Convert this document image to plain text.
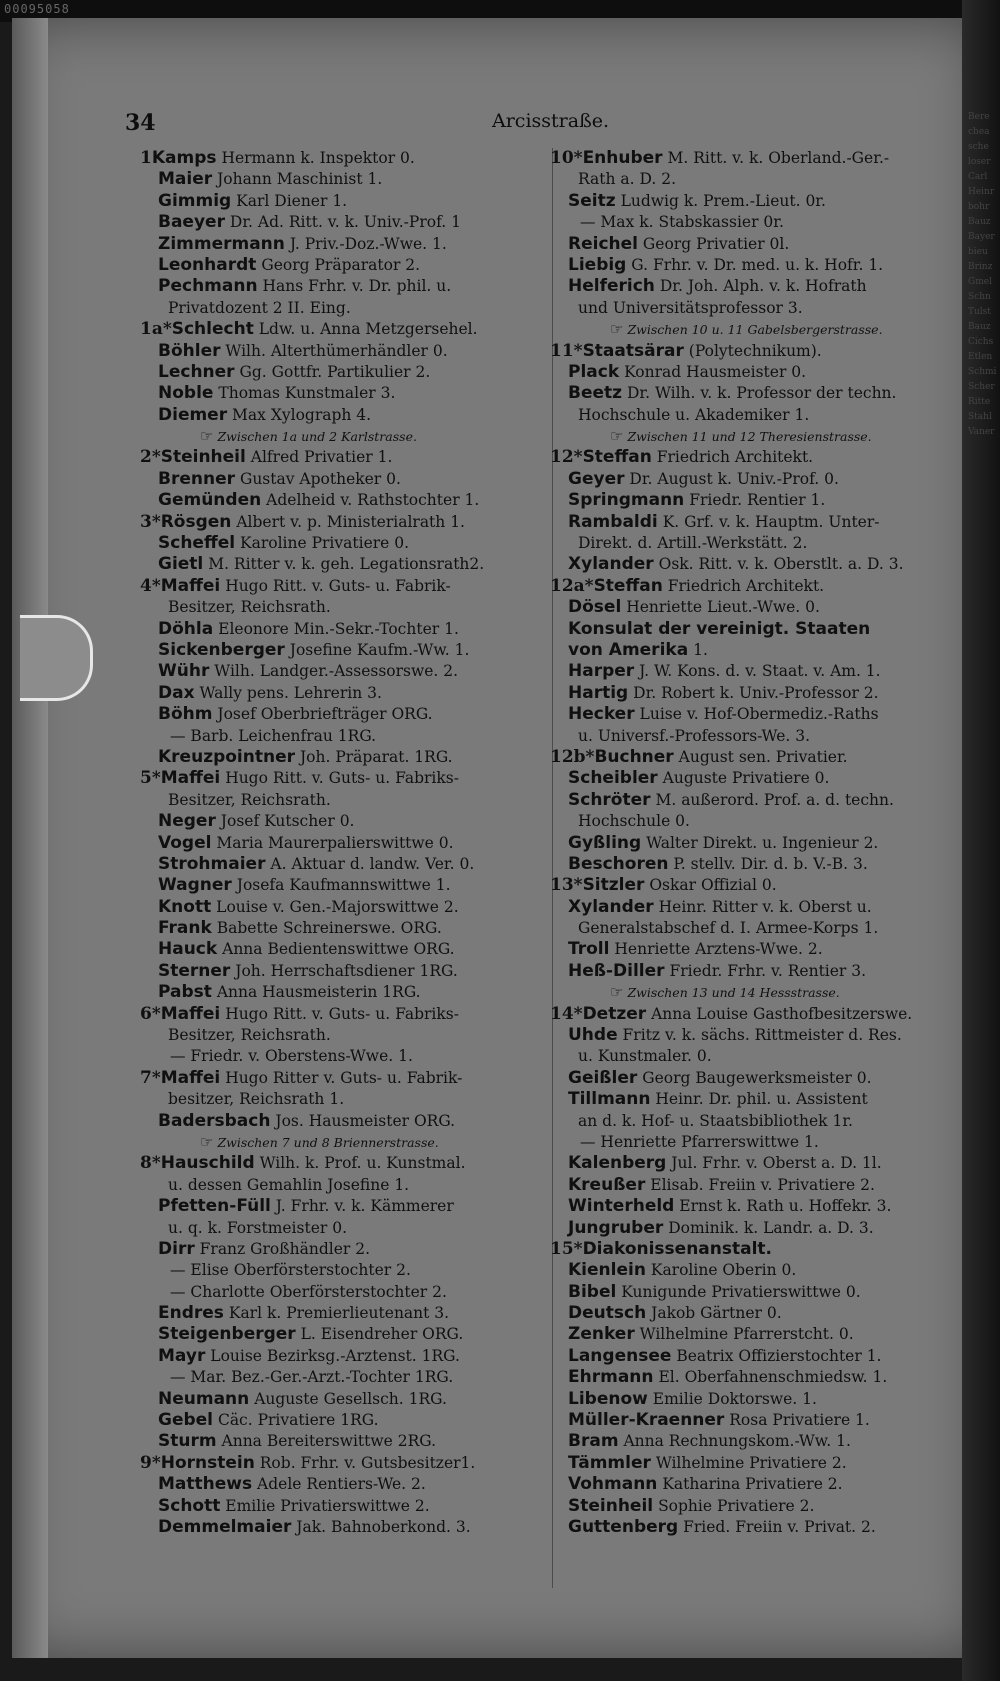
00095058
34	Arcisstraße.
1Kamps Hermann k. Inspektor 0.
Maier Johann Maschinist 1.
Gimmig Karl Diener 1.
Baeyer Dr. Ad. Ritt. v. k. Univ.-Prof. 1
Zimmermann J. Priv.-Doz.-Wwe. 1.
Leonhardt Georg Präparator 2.
Pechmann Hans Frhr. v. Dr. phil. u.
Privatdozent 2 II. Eing.
1a*Schlecht Ldw. u. Anna Metzgersehel.
Böhler Wilh. Alterthümerhändler 0.
Lechner Gg. Gottfr. Partikulier 2.
Noble Thomas Kunstmaler 3.
Diemer Max Xylograph 4.
☞ Zwischen 1a und 2 Karlstrasse.
2*Steinheil Alfred Privatier 1.
Brenner Gustav Apotheker 0.
Gemünden Adelheid v. Rathstochter 1.
3*Rösgen Albert v. p. Ministerialrath 1.
Scheffel Karoline Privatiere 0.
Gietl M. Ritter v. k. geh. Legationsrath2.
4*Maffei Hugo Ritt. v. Guts- u. Fabrik-
Besitzer, Reichsrath.
Döhla Eleonore Min.-Sekr.-Tochter 1.
Sickenberger Josefine Kaufm.-Ww. 1.
Wühr Wilh. Landger.-Assessorswe. 2.
Dax Wally pens. Lehrerin 3.
Böhm Josef Oberbriefträger ORG.
— Barb. Leichenfrau 1RG.
Kreuzpointner Joh. Präparat. 1RG.
5*Maffei Hugo Ritt. v. Guts- u. Fabriks-
Besitzer, Reichsrath.
Neger Josef Kutscher 0.
Vogel Maria Maurerpalierswittwe 0.
Strohmaier A. Aktuar d. landw. Ver. 0.
Wagner Josefa Kaufmannswittwe 1.
Knott Louise v. Gen.-Majorswittwe 2.
Frank Babette Schreinerswe. ORG.
Hauck Anna Bedientenswittwe ORG.
Sterner Joh. Herrschaftsdiener 1RG.
Pabst Anna Hausmeisterin 1RG.
6*Maffei Hugo Ritt. v. Guts- u. Fabriks-
Besitzer, Reichsrath.
— Friedr. v. Oberstens-Wwe. 1.
7*Maffei Hugo Ritter v. Guts- u. Fabrik-
besitzer, Reichsrath 1.
Badersbach Jos. Hausmeister ORG.
☞ Zwischen 7 und 8 Briennerstrasse.
8*Hauschild Wilh. k. Prof. u. Kunstmal.
u. dessen Gemahlin Josefine 1.
Pfetten-Füll J. Frhr. v. k. Kämmerer
u. q. k. Forstmeister 0.
Dirr Franz Großhändler 2.
— Elise Oberförsterstochter 2.
— Charlotte Oberförsterstochter 2.
Endres Karl k. Premierlieutenant 3.
Steigenberger L. Eisendreher ORG.
Mayr Louise Bezirksg.-Arztenst. 1RG.
— Mar. Bez.-Ger.-Arzt.-Tochter 1RG.
Neumann Auguste Gesellsch. 1RG.
Gebel Cäc. Privatiere 1RG.
Sturm Anna Bereiterswittwe 2RG.
9*Hornstein Rob. Frhr. v. Gutsbesitzer1.
Matthews Adele Rentiers-We. 2.
Schott Emilie Privatierswittwe 2.
Demmelmaier Jak. Bahnoberkond. 3.
10*Enhuber M. Ritt. v. k. Oberland.-Ger.-
Rath a. D. 2.
Seitz Ludwig k. Prem.-Lieut. 0r.
— Max k. Stabskassier 0r.
Reichel Georg Privatier 0l.
Liebig G. Frhr. v. Dr. med. u. k. Hofr. 1.
Helferich Dr. Joh. Alph. v. k. Hofrath
und Universitätsprofessor 3.
☞ Zwischen 10 u. 11 Gabelsbergerstrasse.
11*Staatsärar (Polytechnikum).
Plack Konrad Hausmeister 0.
Beetz Dr. Wilh. v. k. Professor der techn.
Hochschule u. Akademiker 1.
☞ Zwischen 11 und 12 Theresienstrasse.
12*Steffan Friedrich Architekt.
Geyer Dr. August k. Univ.-Prof. 0.
Springmann Friedr. Rentier 1.
Rambaldi K. Grf. v. k. Hauptm. Unter-
Direkt. d. Artill.-Werkstätt. 2.
Xylander Osk. Ritt. v. k. Oberstlt. a. D. 3.
12a*Steffan Friedrich Architekt.
Dösel Henriette Lieut.-Wwe. 0.
Konsulat der vereinigt. Staaten
von Amerika 1.
Harper J. W. Kons. d. v. Staat. v. Am. 1.
Hartig Dr. Robert k. Univ.-Professor 2.
Hecker Luise v. Hof-Obermediz.-Raths
u. Universf.-Professors-We. 3.
12b*Buchner August sen. Privatier.
Scheibler Auguste Privatiere 0.
Schröter M. außerord. Prof. a. d. techn.
Hochschule 0.
Gyßling Walter Direkt. u. Ingenieur 2.
Beschoren P. stellv. Dir. d. b. V.-B. 3.
13*Sitzler Oskar Offizial 0.
Xylander Heinr. Ritter v. k. Oberst u.
Generalstabschef d. I. Armee-Korps 1.
Troll Henriette Arztens-Wwe. 2.
Heß-Diller Friedr. Frhr. v. Rentier 3.
☞ Zwischen 13 und 14 Hessstrasse.
14*Detzer Anna Louise Gasthofbesitzerswe.
Uhde Fritz v. k. sächs. Rittmeister d. Res.
u. Kunstmaler. 0.
Geißler Georg Baugewerksmeister 0.
Tillmann Heinr. Dr. phil. u. Assistent
an d. k. Hof- u. Staatsbibliothek 1r.
— Henriette Pfarrerswittwe 1.
Kalenberg Jul. Frhr. v. Oberst a. D. 1l.
Kreußer Elisab. Freiin v. Privatiere 2.
Winterheld Ernst k. Rath u. Hoffekr. 3.
Jungruber Dominik. k. Landr. a. D. 3.
15*Diakonissenanstalt.
Kienlein Karoline Oberin 0.
Bibel Kunigunde Privatierswittwe 0.
Deutsch Jakob Gärtner 0.
Zenker Wilhelmine Pfarrerstcht. 0.
Langensee Beatrix Offizierstochter 1.
Ehrmann El. Oberfahnenschmiedsw. 1.
Libenow Emilie Doktorswe. 1.
Müller-Kraenner Rosa Privatiere 1.
Bram Anna Rechnungskom.-Ww. 1.
Tämmler Wilhelmine Privatiere 2.
Vohmann Katharina Privatiere 2.
Steinheil Sophie Privatiere 2.
Guttenberg Fried. Freiin v. Privat. 2.
Bere chea sche loser Carl Heinr bohr Bauz Bayer bieu Brinz Gmel Schn Tulst Bauz Cichs Etlen Schmi Scher Ritte Stahl Vaner
